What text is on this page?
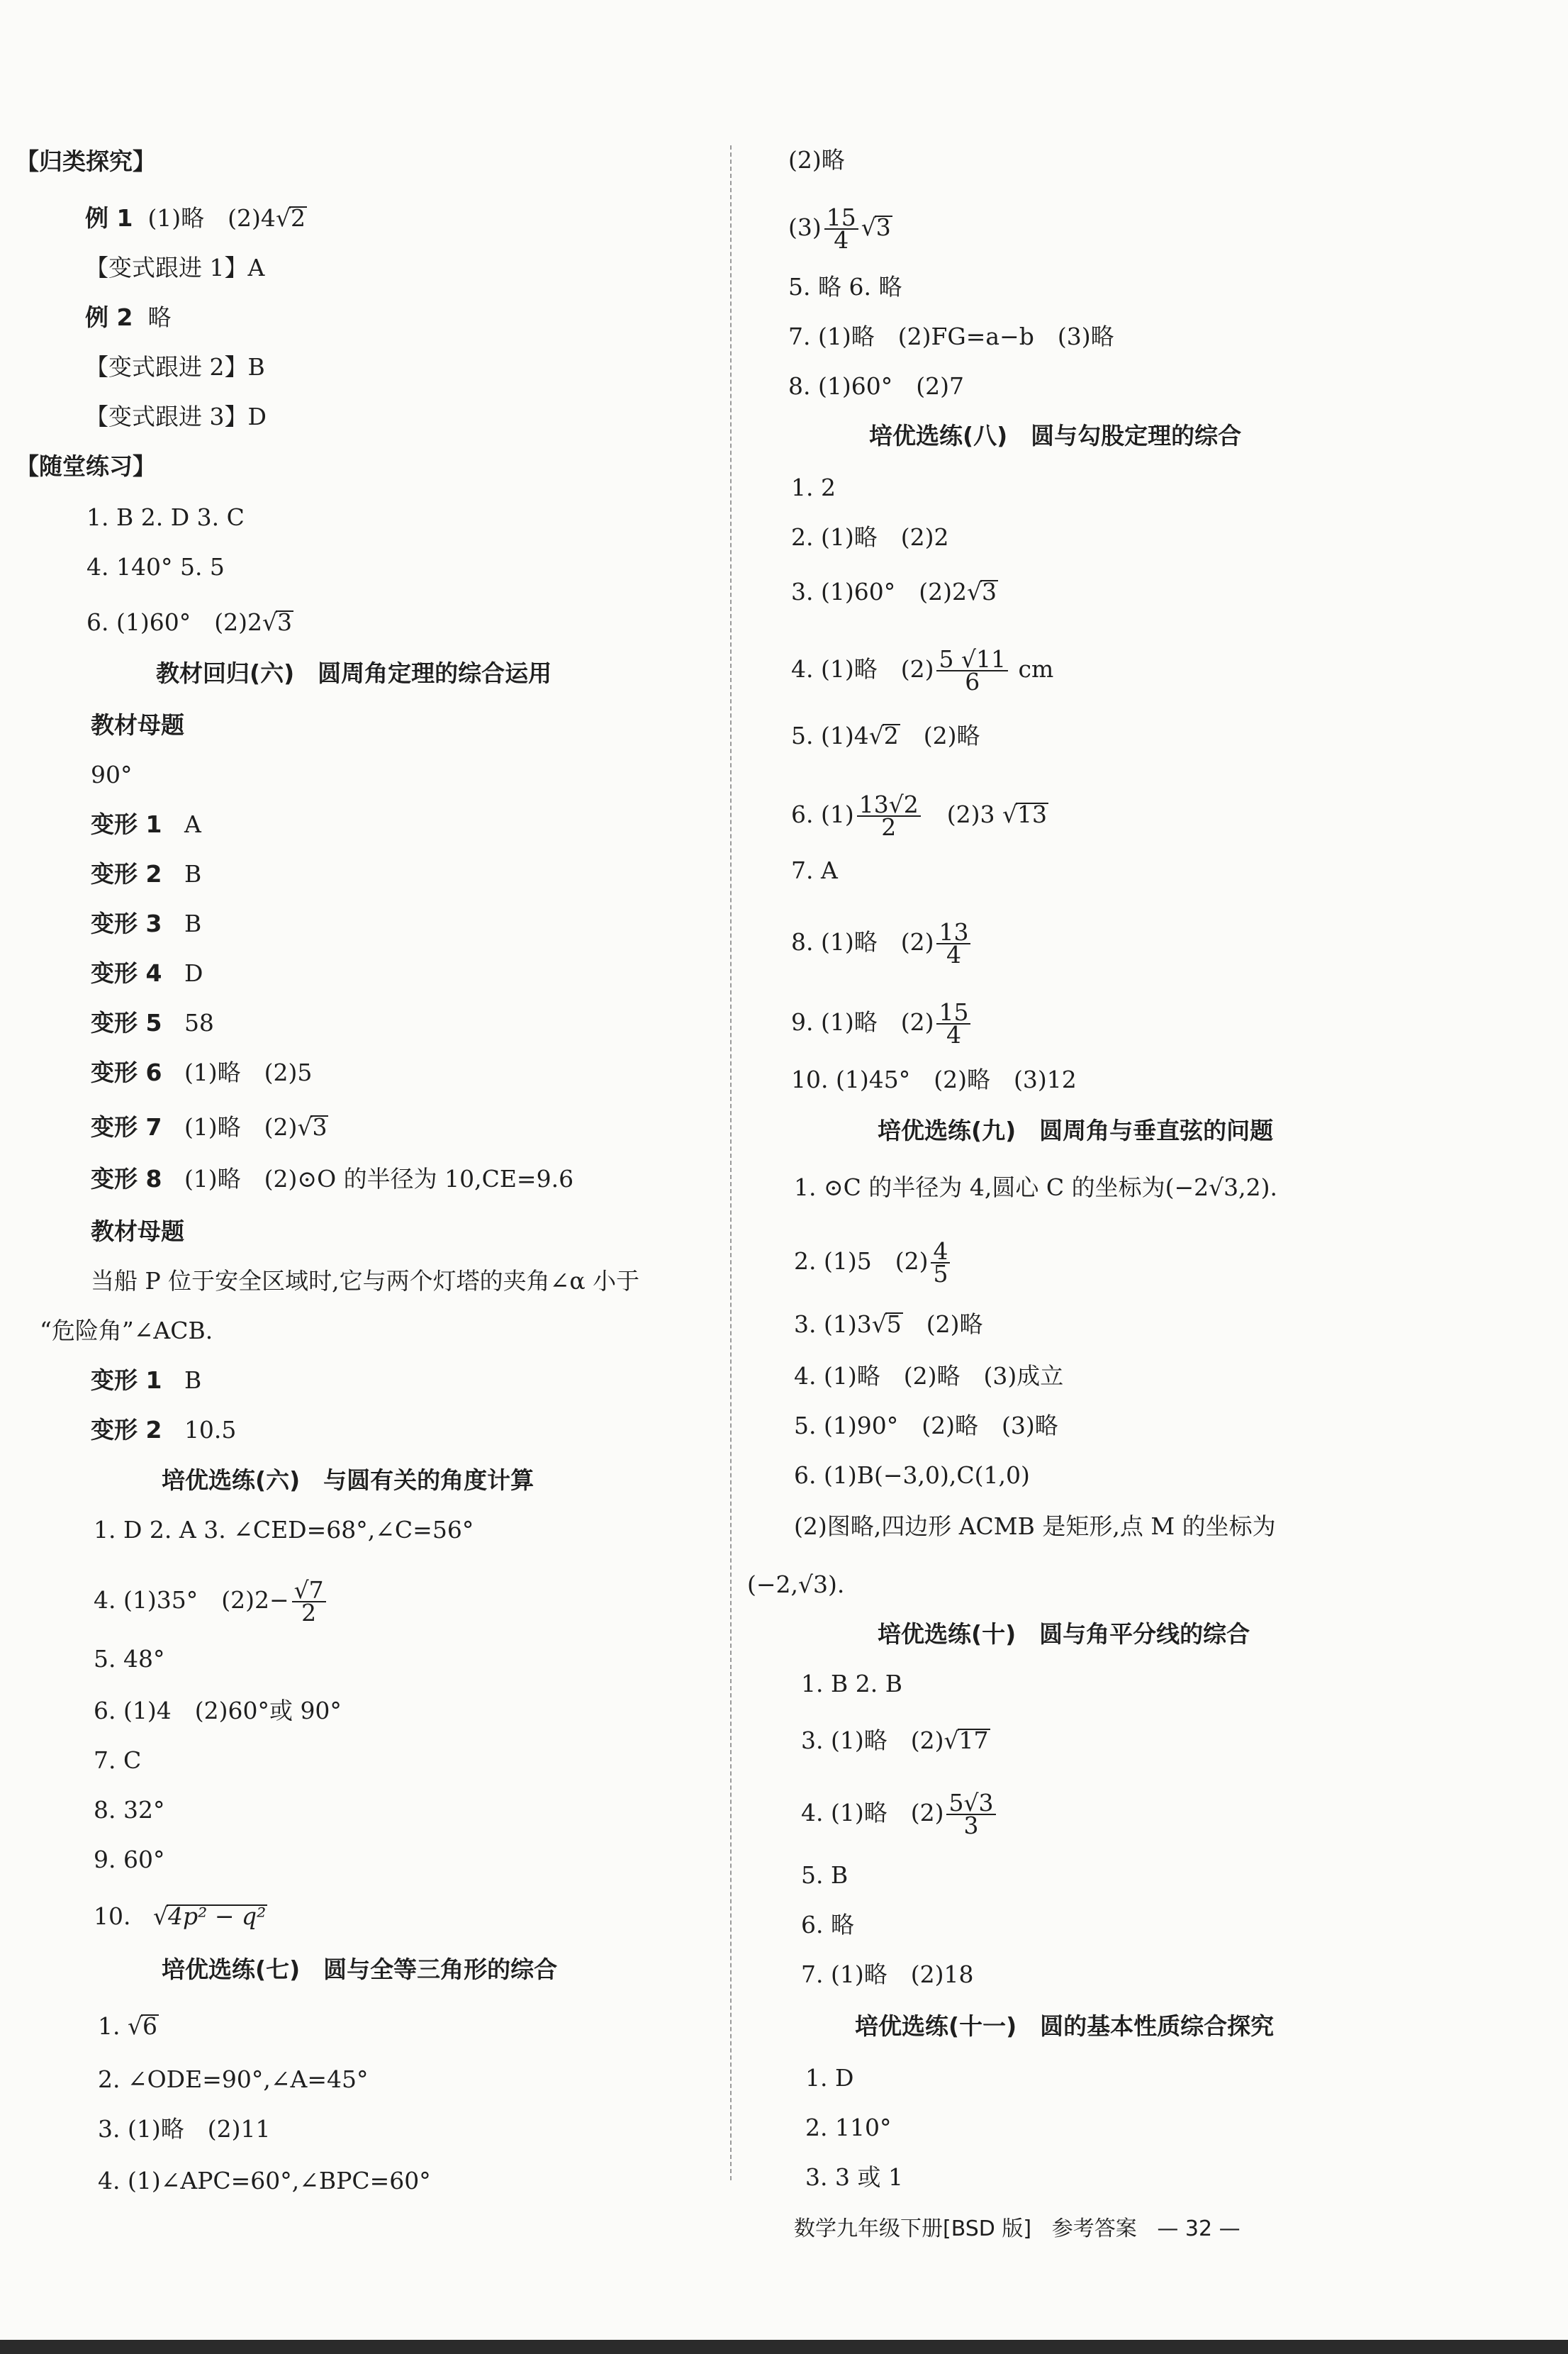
【归类探究】
例 1 (1)略　(2)4√2
【变式跟进 1】A
例 2 略
【变式跟进 2】B
【变式跟进 3】D
【随堂练习】
1. B 2. D 3. C
4. 140° 5. 5
6. (1)60°　(2)2√3
教材回归(六)　圆周角定理的综合运用
教材母题
90°
变形 1 A
变形 2 B
变形 3 B
变形 4 D
变形 5 58
变形 6 (1)略　(2)5
变形 7 (1)略　(2)√3
变形 8 (1)略　(2)⊙O 的半径为 10,CE=9.6
教材母题
当船 P 位于安全区域时,它与两个灯塔的夹角∠α 小于
“危险角”∠ACB.
变形 1 B
变形 2 10.5
培优选练(六)　与圆有关的角度计算
1. D 2. A 3. ∠CED=68°,∠C=56°
4. (1)35°　$(2)2- \frac{√7}{2}$
5. 48°
6. (1)4　(2)60°或 90°
7. C
8. 32°
9. 60°
10. √4p² − q²
培优选练(七)　圆与全等三角形的综合
1. √6
2. ∠ODE=90°,∠A=45°
3. (1)略　(2)11
4. (1)∠APC=60°,∠BPC=60°
(2)略
$(3) \frac{15}{4} √3$
5. 略 6. 略
7. (1)略　(2)FG=a−b　(3)略
8. (1)60°　(2)7
培优选练(八)　圆与勾股定理的综合
1. 2
2. (1)略　(2)2
3. (1)60°　(2)2√3
4. (1)略　$(2) \frac{5 √11}{6}$ cm
5. (1)4√2　(2)略
6. $(1) \frac{13√2}{2}$ 　(2)3 √13
7. A
8. (1)略　$(2) \frac{13}{4}$
9. (1)略　$(2) \frac{15}{4}$
10. (1)45°　(2)略　(3)12
培优选练(九)　圆周角与垂直弦的问题
1. ⊙C 的半径为 4,圆心 C 的坐标为(−2√3,2).
2. (1)5　$(2) \frac{4}{5}$
3. (1)3√5　(2)略
4. (1)略　(2)略　(3)成立
5. (1)90°　(2)略　(3)略
6. (1)B(−3,0),C(1,0)
(2)图略,四边形 ACMB 是矩形,点 M 的坐标为
(−2,√3).
培优选练(十)　圆与角平分线的综合
1. B 2. B
3. (1)略　(2)√17
4. (1)略　$(2) \frac{5√3}{3}$
5. B
6. 略
7. (1)略　(2)18
培优选练(十一)　圆的基本性质综合探究
1. D
2. 110°
3. 3 或 1
数学九年级下册[BSD 版] 参考答案 — 32 —
